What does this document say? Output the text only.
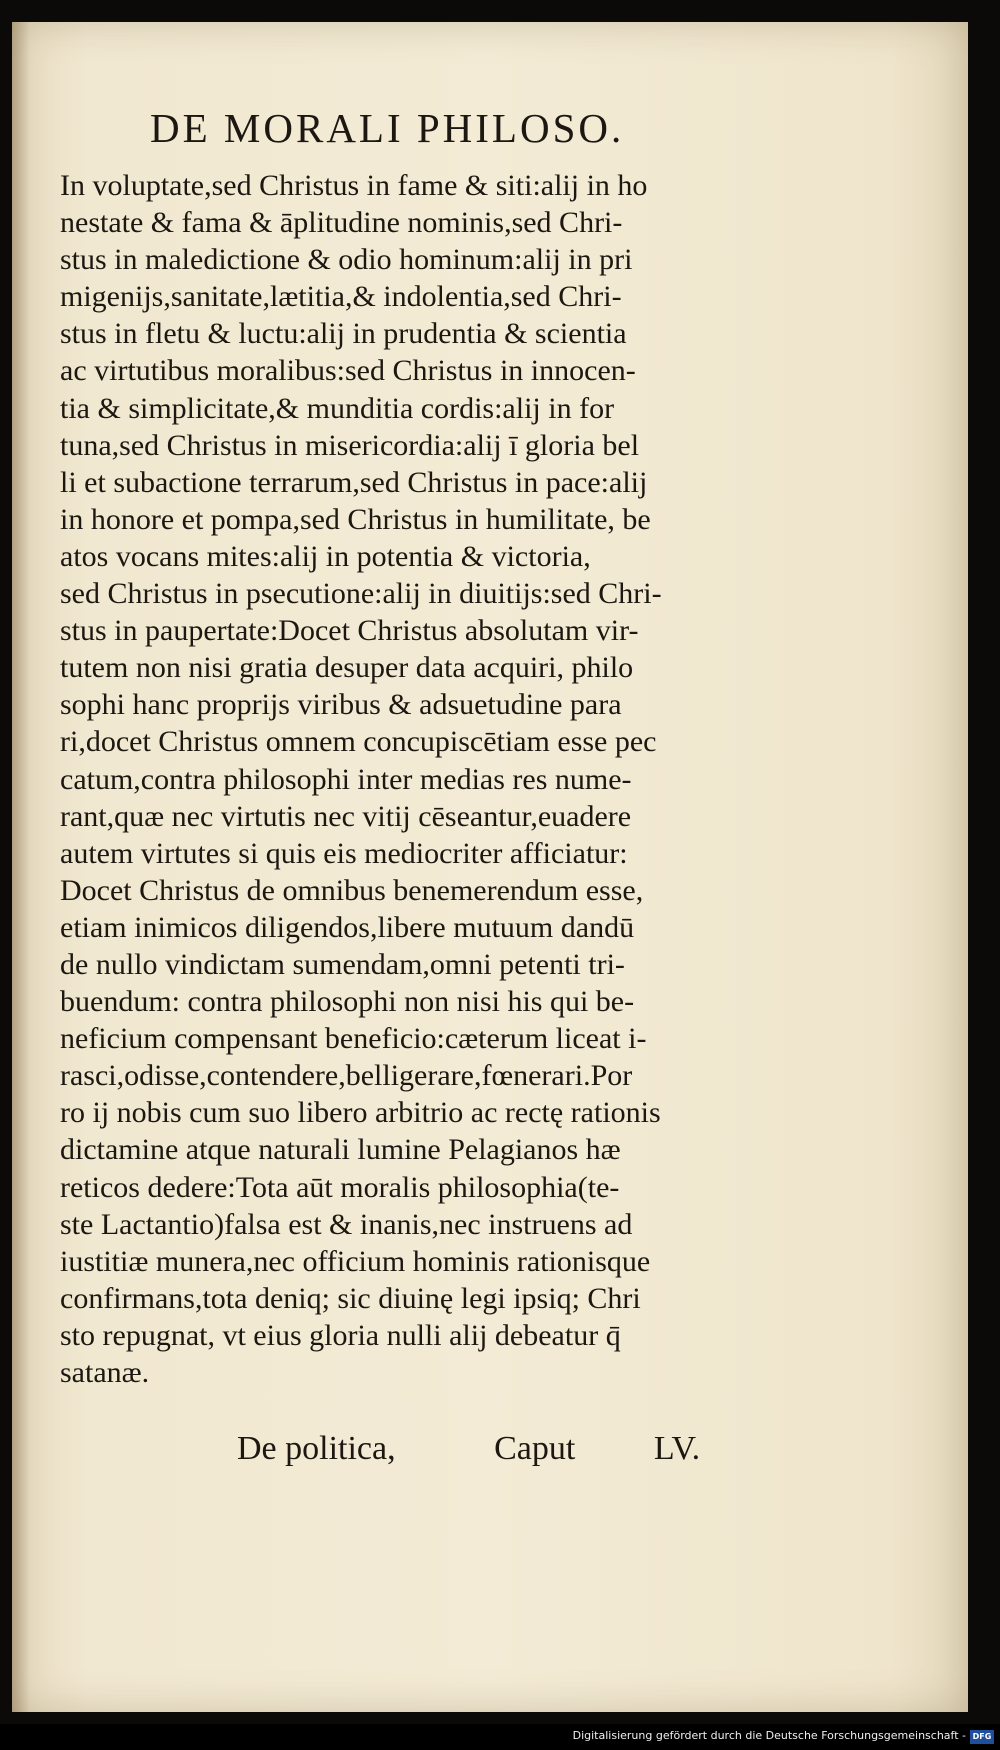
DE MORALI PHILOSO.
In voluptate,sed Christus in fame & siti:alij in ho
nestate & fama & āplitudine nominis,sed Chri-
stus in maledictione & odio hominum:alij in pri
migenijs,sanitate,lætitia,& indolentia,sed Chri-
stus in fletu & luctu:alij in prudentia & scientia
ac virtutibus moralibus:sed Christus in innocen-
tia & simplicitate,& munditia cordis:alij in for
tuna,sed Christus in misericordia:alij ī gloria bel
li et subactione terrarum,sed Christus in pace:alij
in honore et pompa,sed Christus in humilitate, be
atos vocans mites:alij in potentia & victoria,
sed Christus in psecutione:alij in diuitijs:sed Chri-
stus in paupertate:Docet Christus absolutam vir-
tutem non nisi gratia desuper data acquiri, philo
sophi hanc proprijs viribus & adsuetudine para
ri,docet Christus omnem concupiscētiam esse pec
catum,contra philosophi inter medias res nume-
rant,quæ nec virtutis nec vitij cēseantur,euadere
autem virtutes si quis eis mediocriter afficiatur:
Docet Christus de omnibus benemerendum esse,
etiam inimicos diligendos,libere mutuum dandū
de nullo vindictam sumendam,omni petenti tri-
buendum: contra philosophi non nisi his qui be-
neficium compensant beneficio:cæterum liceat i-
rasci,odisse,contendere,belligerare,fœnerari.Por
ro ij nobis cum suo libero arbitrio ac rectę rationis
dictamine atque naturali lumine Pelagianos hæ
reticos dedere:Tota aūt moralis philosophia(te-
ste Lactantio)falsa est & inanis,nec instruens ad
iustitiæ munera,nec officium hominis rationisque
confirmans,tota deniq; sic diuinę legi ipsiq; Chri
sto repugnat, vt eius gloria nulli alij debeatur q̄
satanæ.
De politica,	Caput LV.
Digitalisierung gefördert durch die Deutsche Forschungsgemeinschaft - DFG
